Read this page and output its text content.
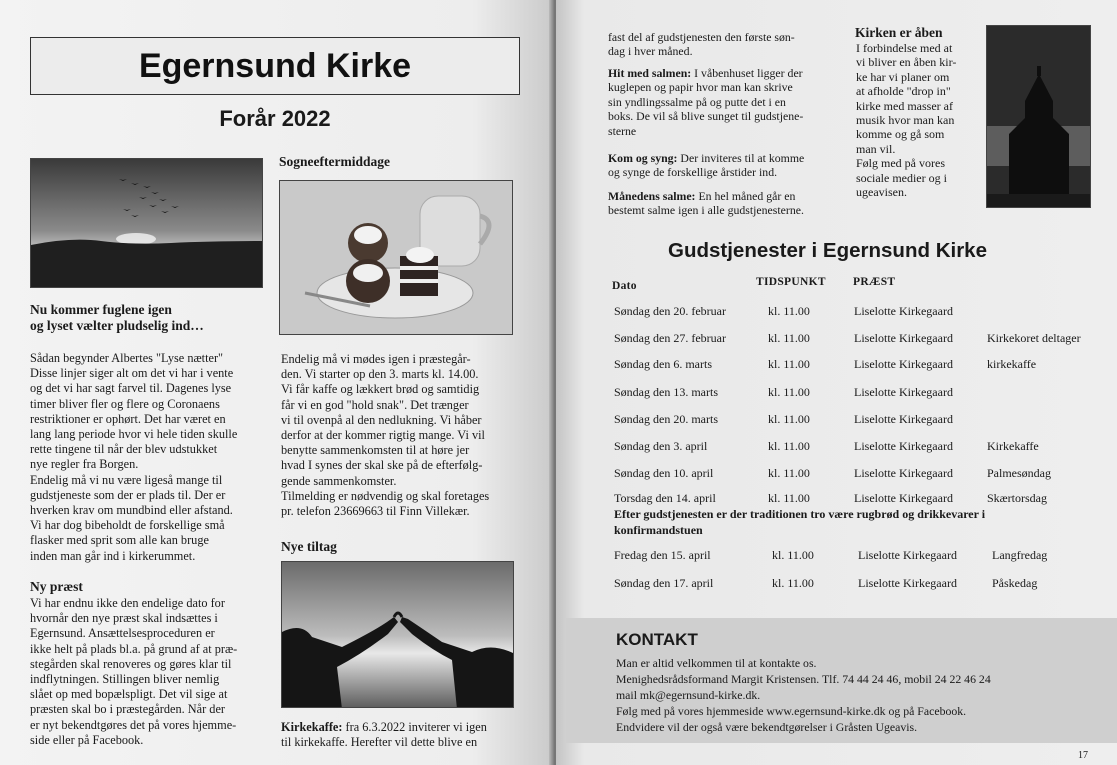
Egernsund Kirke
Forår 2022
Nu kommer fuglene igen
og lyset vælter pludselig ind…
Sådan begynder Albertes "Lyse nætter"
Disse linjer siger alt om det vi har i vente
og det vi har sagt farvel til. Dagenes lyse
timer bliver fler og flere og Coronaens
restriktioner er ophørt. Det har været en
lang lang periode hvor vi hele tiden skulle
rette tingene til når der blev udstukket
nye regler fra Borgen.
Endelig må vi nu være ligeså mange til
gudstjeneste som der er plads til. Der er
hverken krav om mundbind eller afstand.
Vi har dog bibeholdt de forskellige små
flasker med sprit som alle kan bruge
inden man går ind i kirkerummet.
Ny præst
Vi har endnu ikke den endelige dato for
hvornår den nye præst skal indsættes i
Egernsund. Ansættelsesproceduren er
ikke helt på plads bl.a. på grund af at præ-
stegården skal renoveres og gøres klar til
indflytningen. Stillingen bliver nemlig
slået op med bopælspligt. Det vil sige at
præsten skal bo i præstegården. Når der
er nyt bekendtgøres det på vores hjemme-
side eller på Facebook.
Sogneeftermiddage
Endelig må vi mødes igen i præstegår-
den. Vi starter op den 3. marts kl. 14.00.
Vi får kaffe og lækkert brød og samtidig
får vi en god "hold snak". Det trænger
vi til ovenpå al den nedlukning. Vi håber
derfor at der kommer rigtig mange. Vi vil
benytte sammenkomsten til at høre jer
hvad I synes der skal ske på de efterfølg-
gende sammenkomster.
Tilmelding er nødvendig og skal foretages
pr. telefon 23669663 til Finn Villekær.
Nye tiltag
Kirkekaffe: fra 6.3.2022 inviterer vi igen
til kirkekaffe. Herefter vil dette blive en
fast del af gudstjenesten den første søn-
dag i hver måned.
Hit med salmen: I våbenhuset ligger der
kuglepen og papir hvor man kan skrive
sin yndlingssalme på og putte det i en
boks. De vil så blive sunget til gudstjene-
sterne
Kom og syng: Der inviteres til at komme
og synge de forskellige årstider ind.
Månedens salme: En hel måned går en
bestemt salme igen i alle gudstjenesterne.
Kirken er åben
I forbindelse med at
vi bliver en åben kir-
ke har vi planer om
at afholde "drop in"
kirke med masser af
musik hvor man kan
komme og gå som
man vil.
Følg med på vores
sociale medier og i
ugeavisen.
Gudstjenester i Egernsund Kirke
Dato	TIDSPUNKT PRÆST
Søndag den 20. februar	kl. 11.00	Liselotte Kirkegaard
Søndag den 27. februar	kl. 11.00	Liselotte Kirkegaard	Kirkekoret deltager
Søndag den 6. marts	kl. 11.00	Liselotte Kirkegaard	kirkekaffe
Søndag den 13. marts	kl. 11.00	Liselotte Kirkegaard
Søndag den 20. marts	kl. 11.00	Liselotte Kirkegaard
Søndag den 3. april	kl. 11.00	Liselotte Kirkegaard	Kirkekaffe
Søndag den 10. april	kl. 11.00	Liselotte Kirkegaard	Palmesøndag
Torsdag den 14. april	kl. 11.00	Liselotte Kirkegaard	Skærtorsdag
Efter gudstjenesten er der traditionen tro være rugbrød og drikkevarer i
konfirmandstuen
Fredag den 15. april	kl. 11.00	Liselotte Kirkegaard	Langfredag
Søndag den 17. april	kl. 11.00	Liselotte Kirkegaard	Påskedag
KONTAKT
Man er altid velkommen til at kontakte os.
Menighedsrådsformand Margit Kristensen. Tlf. 74 44 24 46, mobil 24 22 46 24
mail mk@egernsund-kirke.dk.
Følg med på vores hjemmeside www.egernsund-kirke.dk og på Facebook.
Endvidere vil der også være bekendtgørelser i Gråsten Ugeavis.
17
